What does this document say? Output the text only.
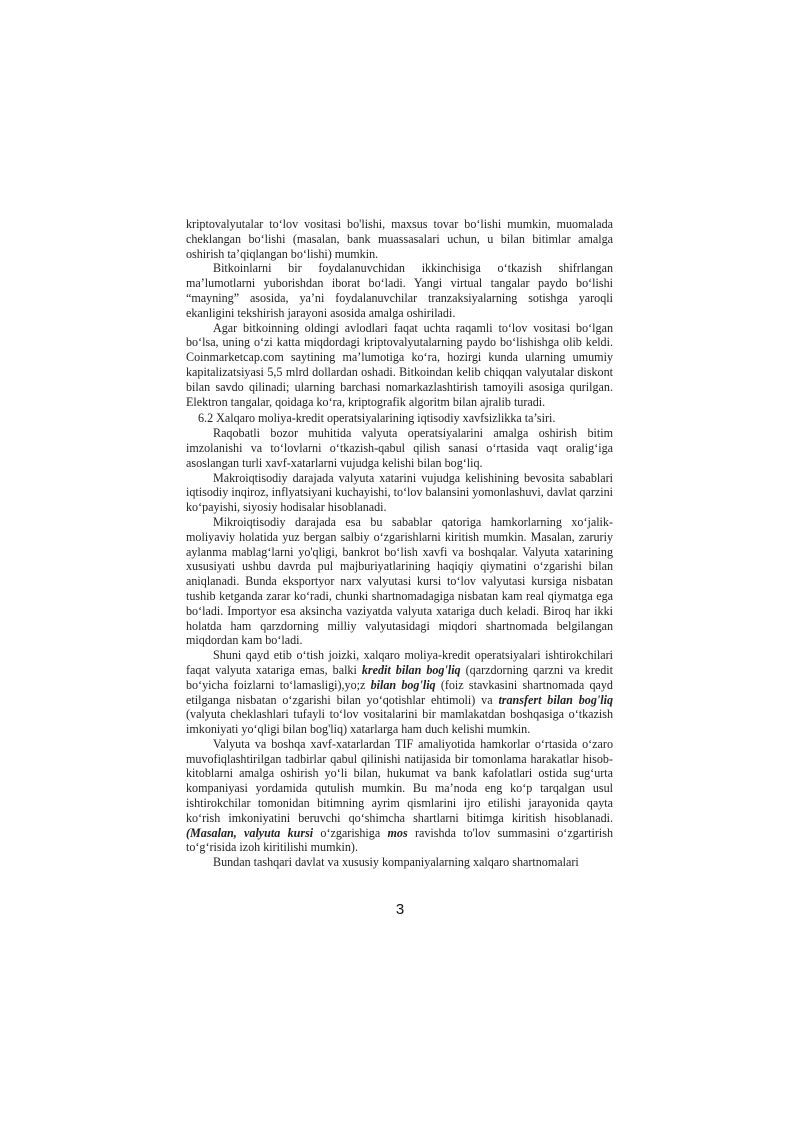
kriptovalyutalar to‘lov vositasi bo'lishi, maxsus tovar bo‘lishi mumkin, muomalada cheklangan bo‘lishi (masalan, bank muassasalari uchun, u bilan bitimlar amalga oshirish ta’qiqlangan bo‘lishi) mumkin.

Bitkoinlarni bir foydalanuvchidan ikkinchisiga o‘tkazish shifrlangan ma’lumotlarni yuborishdan iborat bo‘ladi. Yangi virtual tangalar paydo bo‘lishi “mayning” asosida, ya’ni foydalanuvchilar tranzaksiyalarning sotishga yaroqli ekanligini tekshirish jarayoni asosida amalga oshiriladi.

Agar bitkoinning oldingi avlodlari faqat uchta raqamli to‘lov vositasi bo‘lgan bo‘lsa, uning o‘zi katta miqdordagi kriptovalyutalarning paydo bo‘lishishga olib keldi. Coinmarketcap.com saytining ma’lumotiga ko‘ra, hozirgi kunda ularning umumiy kapitalizatsiyasi 5,5 mlrd dollardan oshadi. Bitkoindan kelib chiqqan valyutalar diskont bilan savdo qilinadi; ularning barchasi nomarkazlashtirish tamoyili asosiga qurilgan. Elektron tangalar, qoidaga ko‘ra, kriptografik algoritm bilan ajralib turadi.

6.2 Xalqaro moliya-kredit operatsiyalarining iqtisodiy xavfsizlikka ta’siri.

Raqobatli bozor muhitida valyuta operatsiyalarini amalga oshirish bitim imzolanishi va to‘lovlarni o‘tkazish-qabul qilish sanasi o‘rtasida vaqt oralig‘iga asoslangan turli xavf-xatarlarni vujudga kelishi bilan bog‘liq.

Makroiqtisodiy darajada valyuta xatarini vujudga kelishining bevosita sabablari iqtisodiy inqiroz, inflyatsiyani kuchayishi, to‘lov balansini yomonlashuvi, davlat qarzini ko‘payishi, siyosiy hodisalar hisoblanadi.

Mikroiqtisodiy darajada esa bu sabablar qatoriga hamkorlarning xo‘jalik-moliyaviy holatida yuz bergan salbiy o‘zgarishlarni kiritish mumkin. Masalan, zaruriy aylanma mablag‘larni yo'qligi, bankrot bo‘lish xavfi va boshqalar. Valyuta xatarining xususiyati ushbu davrda pul majburiyatlarining haqiqiy qiymatini o‘zgarishi bilan aniqlanadi. Bunda eksportyor narx valyutasi kursi to‘lov valyutasi kursiga nisbatan tushib ketganda zarar ko‘radi, chunki shartnomadagiga nisbatan kam real qiymatga ega bo‘ladi. Importyor esa aksincha vaziyatda valyuta xatariga duch keladi. Biroq har ikki holatda ham qarzdorning milliy valyutasidagi miqdori shartnomada belgilangan miqdordan kam bo‘ladi.

Shuni qayd etib o‘tish joizki, xalqaro moliya-kredit operatsiyalari ishtirokchilari faqat valyuta xatariga emas, balki kredit bilan bog'liq (qarzdorning qarzni va kredit bo‘yicha foizlarni to‘lamasligi),yo;z bilan bog'liq (foiz stavkasini shartnomada qayd etilganga nisbatan o‘zgarishi bilan yo‘qotishlar ehtimoli) va transfert bilan bog'liq (valyuta cheklashlari tufayli to‘lov vositalarini bir mamlakatdan boshqasiga o‘tkazish imkoniyati yo‘qligi bilan bog'liq) xatarlarga ham duch kelishi mumkin.

Valyuta va boshqa xavf-xatarlardan TIF amaliyotida hamkorlar o‘rtasida o‘zaro muvofiqlashtirilgan tadbirlar qabul qilinishi natijasida bir tomonlama harakatlar hisob-kitoblarni amalga oshirish yo‘li bilan, hukumat va bank kafolatlari ostida sug‘urta kompaniyasi yordamida qutulish mumkin. Bu ma’noda eng ko‘p tarqalgan usul ishtirokchilar tomonidan bitimning ayrim qismlarini ijro etilishi jarayonida qayta ko‘rish imkoniyatini beruvchi qo‘shimcha shartlarni bitimga kiritish hisoblanadi. (Masalan, valyuta kursi o‘zgarishiga mos ravishda to'lov summasini o‘zgartirish to‘g‘risida izoh kiritilishi mumkin).

Bundan tashqari davlat va xususiy kompaniyalarning xalqaro shartnomalari

3
